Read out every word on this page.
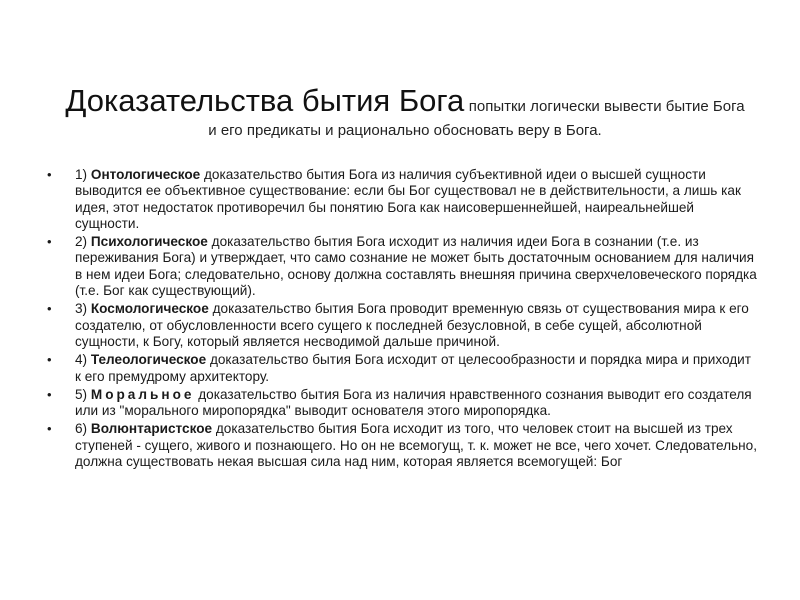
Доказательства бытия Бога попытки логически вывести бытие Бога и его предикаты и рационально обосновать веру в Бога.
• 1) Онтологическое доказательство бытия Бога из наличия субъективной идеи о высшей сущности выводится ее объективное существование: если бы Бог существовал не в действительности, а лишь как идея, этот недостаток противоречил бы понятию Бога как наисовершеннейшей, наиреальнейшей сущности.
• 2) Психологическое доказательство бытия Бога исходит из наличия идеи Бога в сознании (т.е. из переживания Бога) и утверждает, что само сознание не может быть достаточным основанием для наличия в нем идеи Бога; следовательно, основу должна составлять внешняя причина сверхчеловеческого порядка (т.е. Бог как существующий).
• 3) Космологическое доказательство бытия Бога проводит временную связь от существования мира к его создателю, от обусловленности всего сущего к последней безусловной, в себе сущей, абсолютной сущности, к Богу, который является несводимой дальше причиной.
• 4) Телеологическое доказательство бытия Бога исходит от целесообразности и порядка мира и приходит к его премудрому архитектору.
• 5) Моральное доказательство бытия Бога из наличия нравственного сознания выводит его создателя или из "морального миропорядка" выводит основателя этого миропорядка.
• 6) Волюнтаристское доказательство бытия Бога исходит из того, что человек стоит на высшей из трех ступеней - сущего, живого и познающего. Но он не всемогущ, т. к. может не все, чего хочет. Следовательно, должна существовать некая высшая сила над ним, которая является всемогущей: Бог
